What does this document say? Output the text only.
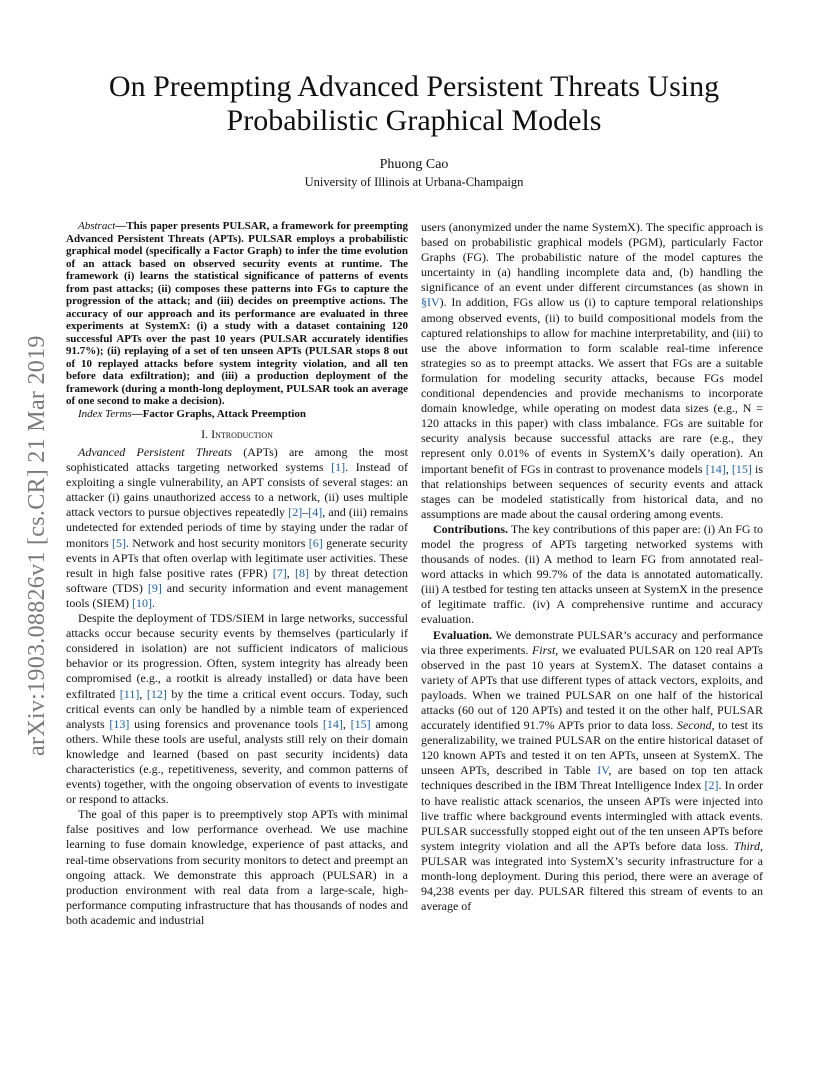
On Preempting Advanced Persistent Threats Using Probabilistic Graphical Models
Phuong Cao
University of Illinois at Urbana-Champaign
arXiv:1903.08826v1 [cs.CR] 21 Mar 2019

Abstract—This paper presents PULSAR, a framework for preempting Advanced Persistent Threats (APTs). PULSAR employs a probabilistic graphical model (specifically a Factor Graph) to infer the time evolution of an attack based on observed security events at runtime. The framework (i) learns the statistical significance of patterns of events from past attacks; (ii) composes these patterns into FGs to capture the progression of the attack; and (iii) decides on preemptive actions. The accuracy of our approach and its performance are evaluated in three experiments at SystemX: (i) a study with a dataset containing 120 successful APTs over the past 10 years (PULSAR accurately identifies 91.7%); (ii) replaying of a set of ten unseen APTs (PULSAR stops 8 out of 10 replayed attacks before system integrity violation, and all ten before data exfiltration); and (iii) a production deployment of the framework (during a month-long deployment, PULSAR took an average of one second to make a decision).

Index Terms—Factor Graphs, Attack Preemption

I. Introduction

Advanced Persistent Threats (APTs) are among the most sophisticated attacks targeting networked systems [1]. Instead of exploiting a single vulnerability, an APT consists of several stages: an attacker (i) gains unauthorized access to a network, (ii) uses multiple attack vectors to pursue objectives repeatedly [2]–[4], and (iii) remains undetected for extended periods of time by staying under the radar of monitors [5]. Network and host security monitors [6] generate security events in APTs that often overlap with legitimate user activities. These result in high false positive rates (FPR) [7], [8] by threat detection software (TDS) [9] and security information and event management tools (SIEM) [10].

Despite the deployment of TDS/SIEM in large networks, successful attacks occur because security events by themselves (particularly if considered in isolation) are not sufficient indicators of malicious behavior or its progression. Often, system integrity has already been compromised (e.g., a rootkit is already installed) or data have been exfiltrated [11], [12] by the time a critical event occurs. Today, such critical events can only be handled by a nimble team of experienced analysts [13] using forensics and provenance tools [14], [15] among others. While these tools are useful, analysts still rely on their domain knowledge and learned (based on past security incidents) data characteristics (e.g., repetitiveness, severity, and common patterns of events) together, with the ongoing observation of events to investigate or respond to attacks.

The goal of this paper is to preemptively stop APTs with minimal false positives and low performance overhead. We use machine learning to fuse domain knowledge, experience of past attacks, and real-time observations from security monitors to detect and preempt an ongoing attack. We demonstrate this approach (PULSAR) in a production environment with real data from a large-scale, high-performance computing infrastructure that has thousands of nodes and both academic and industrial

users (anonymized under the name SystemX). The specific approach is based on probabilistic graphical models (PGM), particularly Factor Graphs (FG). The probabilistic nature of the model captures the uncertainty in (a) handling incomplete data and, (b) handling the significance of an event under different circumstances (as shown in §IV). In addition, FGs allow us (i) to capture temporal relationships among observed events, (ii) to build compositional models from the captured relationships to allow for machine interpretability, and (iii) to use the above information to form scalable real-time inference strategies so as to preempt attacks. We assert that FGs are a suitable formulation for modeling security attacks, because FGs model conditional dependencies and provide mechanisms to incorporate domain knowledge, while operating on modest data sizes (e.g., N = 120 attacks in this paper) with class imbalance. FGs are suitable for security analysis because successful attacks are rare (e.g., they represent only 0.01% of events in SystemX’s daily operation). An important benefit of FGs in contrast to provenance models [14], [15] is that relationships between sequences of security events and attack stages can be modeled statistically from historical data, and no assumptions are made about the causal ordering among events.

Contributions. The key contributions of this paper are: (i) An FG to model the progress of APTs targeting networked systems with thousands of nodes. (ii) A method to learn FG from annotated real-word attacks in which 99.7% of the data is annotated automatically. (iii) A testbed for testing ten attacks unseen at SystemX in the presence of legitimate traffic. (iv) A comprehensive runtime and accuracy evaluation.

Evaluation. We demonstrate PULSAR’s accuracy and performance via three experiments. First, we evaluated PULSAR on 120 real APTs observed in the past 10 years at SystemX. The dataset contains a variety of APTs that use different types of attack vectors, exploits, and payloads. When we trained PULSAR on one half of the historical attacks (60 out of 120 APTs) and tested it on the other half, PULSAR accurately identified 91.7% APTs prior to data loss. Second, to test its generalizability, we trained PULSAR on the entire historical dataset of 120 known APTs and tested it on ten APTs, unseen at SystemX. The unseen APTs, described in Table IV, are based on top ten attack techniques described in the IBM Threat Intelligence Index [2]. In order to have realistic attack scenarios, the unseen APTs were injected into live traffic where background events intermingled with attack events. PULSAR successfully stopped eight out of the ten unseen APTs before system integrity violation and all the APTs before data loss. Third, PULSAR was integrated into SystemX’s security infrastructure for a month-long deployment. During this period, there were an average of 94,238 events per day. PULSAR filtered this stream of events to an average of
